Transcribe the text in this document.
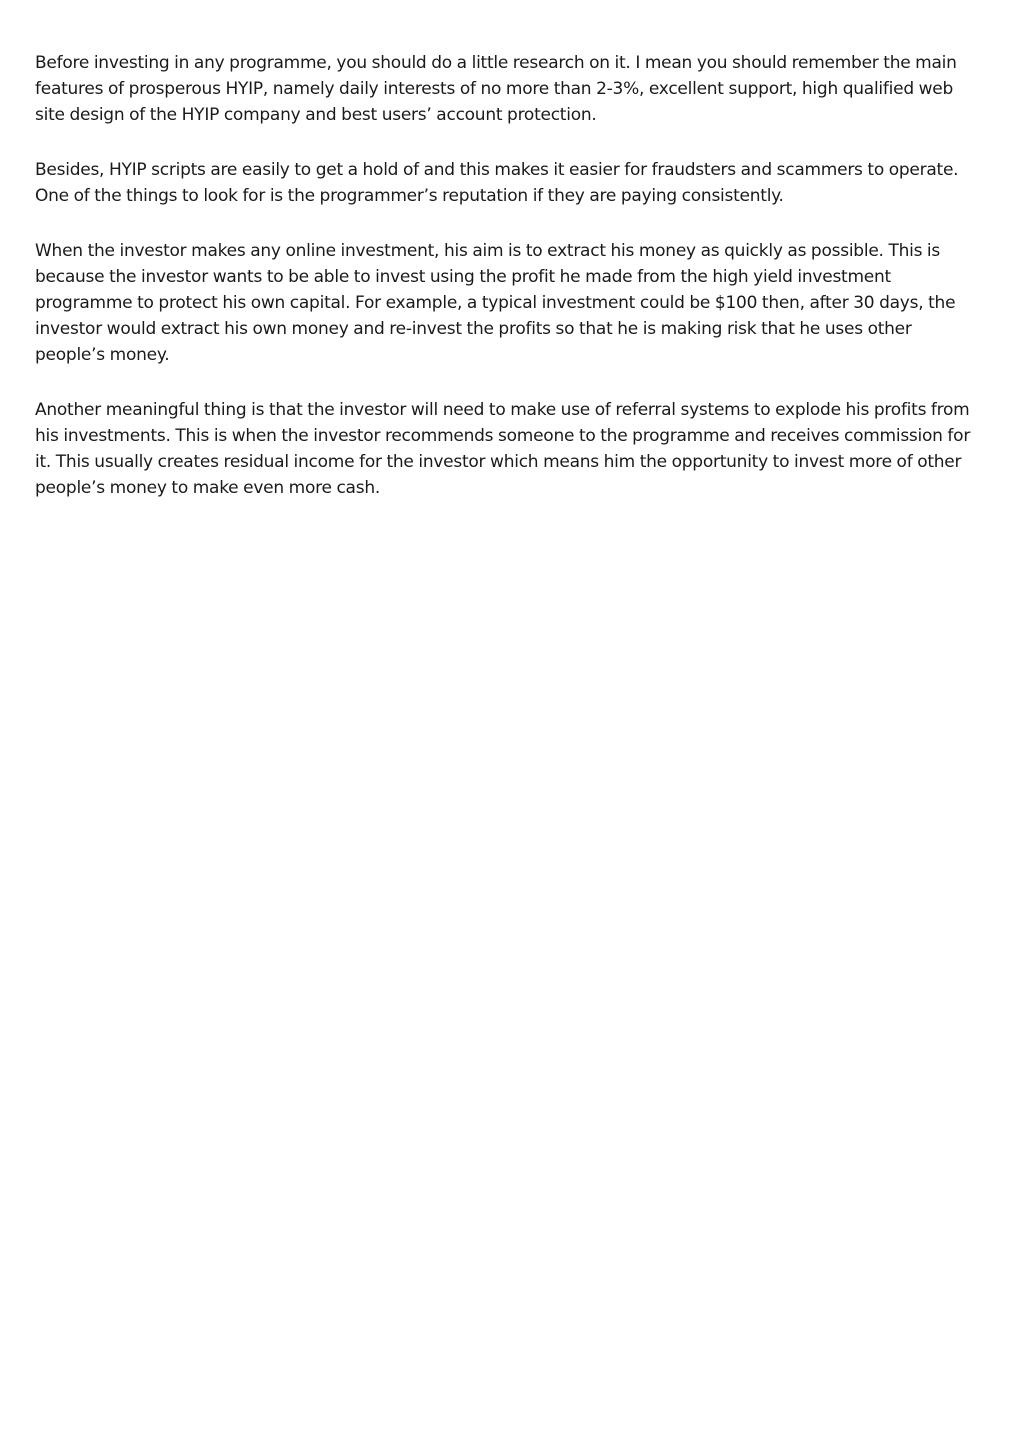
Before investing in any programme, you should do a little research on it. I mean you should remember the main features of prosperous HYIP, namely daily interests of no more than 2-3%, excellent support, high qualified web site design of the HYIP company and best users’ account protection.

Besides, HYIP scripts are easily to get a hold of and this makes it easier for fraudsters and scammers to operate. One of the things to look for is the programmer’s reputation if they are paying consistently.

When the investor makes any online investment, his aim is to extract his money as quickly as possible. This is because the investor wants to be able to invest using the profit he made from the high yield investment programme to protect his own capital. For example, a typical investment could be $100 then, after 30 days, the investor would extract his own money and re-invest the profits so that he is making risk that he uses other people’s money.

Another meaningful thing is that the investor will need to make use of referral systems to explode his profits from his investments. This is when the investor recommends someone to the programme and receives commission for it. This usually creates residual income for the investor which means him the opportunity to invest more of other people’s money to make even more cash.
